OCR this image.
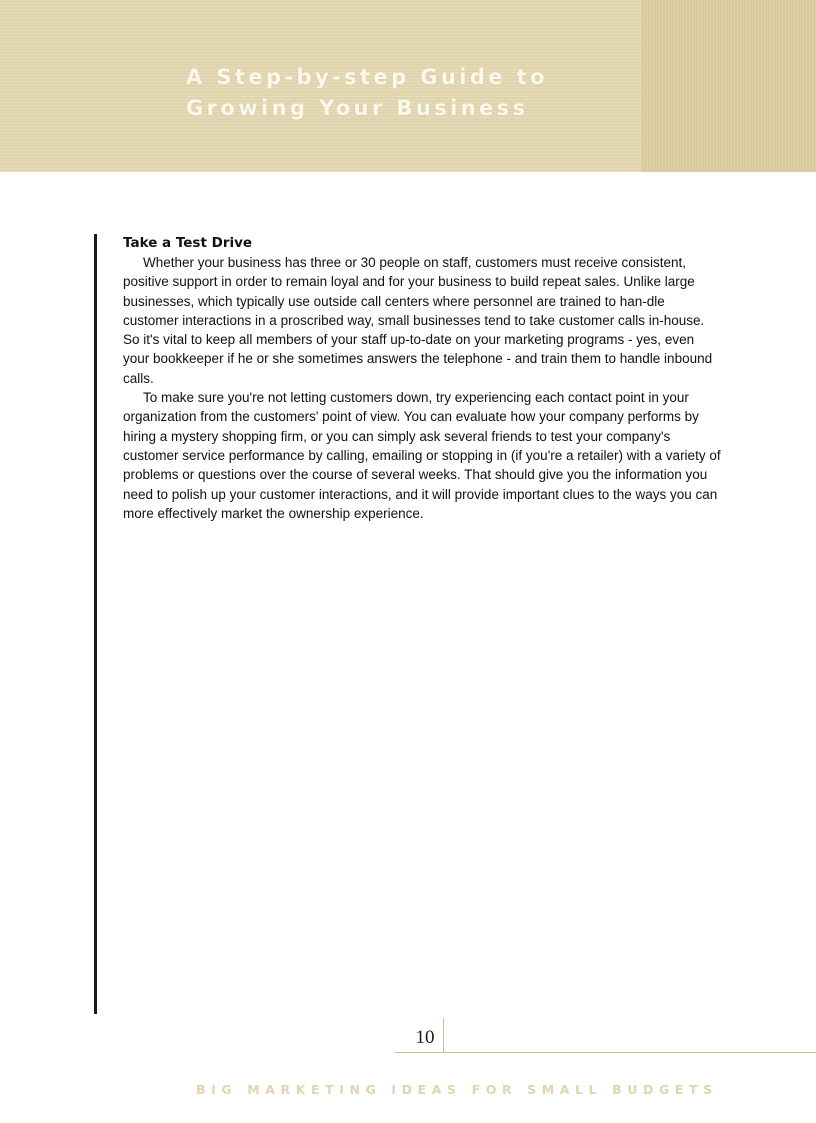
A Step-by-step Guide to Growing Your Business
Take a Test Drive

Whether your business has three or 30 people on staff, customers must receive consistent, positive support in order to remain loyal and for your business to build repeat sales. Unlike large businesses, which typically use outside call centers where personnel are trained to han-dle customer interactions in a proscribed way, small businesses tend to take customer calls in-house. So it's vital to keep all members of your staff up-to-date on your marketing programs - yes, even your bookkeeper if he or she sometimes answers the telephone - and train them to handle inbound calls.

To make sure you're not letting customers down, try experiencing each contact point in your organization from the customers' point of view. You can evaluate how your company performs by hiring a mystery shopping firm, or you can simply ask several friends to test your company's customer service performance by calling, emailing or stopping in (if you're a retailer) with a variety of problems or questions over the course of several weeks. That should give you the information you need to polish up your customer interactions, and it will provide important clues to the ways you can more effectively market the ownership experience.

10
BIG MARKETING IDEAS FOR SMALL BUDGETS
